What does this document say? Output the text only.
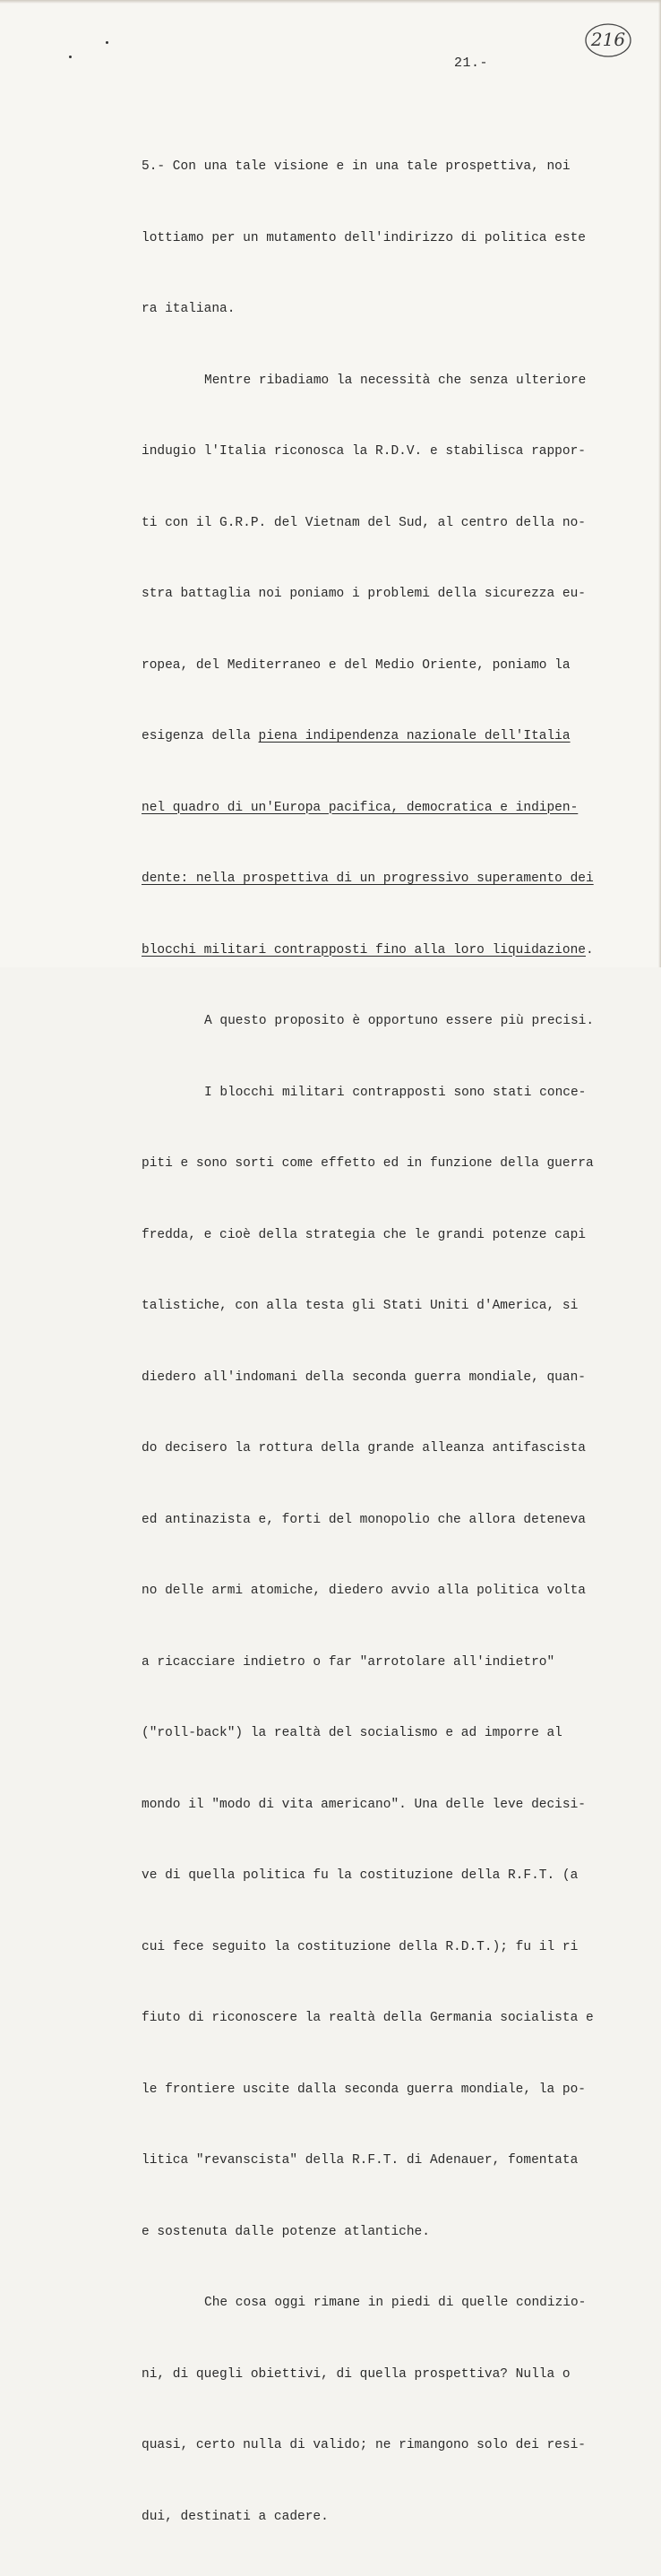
216
21.-

5.- Con una tale visione e in una tale prospettiva, noi

lottiamo per un mutamento dell'indirizzo di politica este

ra italiana.

Mentre ribadiamo la necessità che senza ulteriore

indugio l'Italia riconosca la R.D.V. e stabilisca rappor-

ti con il G.R.P. del Vietnam del Sud, al centro della no-

stra battaglia noi poniamo i problemi della sicurezza eu-

ropea, del Mediterraneo e del Medio Oriente, poniamo la

esigenza della piena indipendenza nazionale dell'Italia

nel quadro di un'Europa pacifica, democratica e indipen-

dente: nella prospettiva di un progressivo superamento dei

blocchi militari contrapposti fino alla loro liquidazione.

A questo proposito è opportuno essere più precisi.

I blocchi militari contrapposti sono stati conce-

piti e sono sorti come effetto ed in funzione della guerra

fredda, e cioè della strategia che le grandi potenze capi

talistiche, con alla testa gli Stati Uniti d'America, si

diedero all'indomani della seconda guerra mondiale, quan-

do decisero la rottura della grande alleanza antifascista

ed antinazista e, forti del monopolio che allora deteneva

no delle armi atomiche, diedero avvio alla politica volta

a ricacciare indietro o far "arrotolare all'indietro"

("roll-back") la realtà del socialismo e ad imporre al

mondo il "modo di vita americano". Una delle leve decisi-

ve di quella politica fu la costituzione della R.F.T. (a

cui fece seguito la costituzione della R.D.T.); fu il ri

fiuto di riconoscere la realtà della Germania socialista e

le frontiere uscite dalla seconda guerra mondiale, la po-

litica "revanscista" della R.F.T. di Adenauer, fomentata

e sostenuta dalle potenze atlantiche.

Che cosa oggi rimane in piedi di quelle condizio-

ni, di quegli obiettivi, di quella prospettiva? Nulla o

quasi, certo nulla di valido; ne rimangono solo dei resi-

dui, destinati a cadere.
